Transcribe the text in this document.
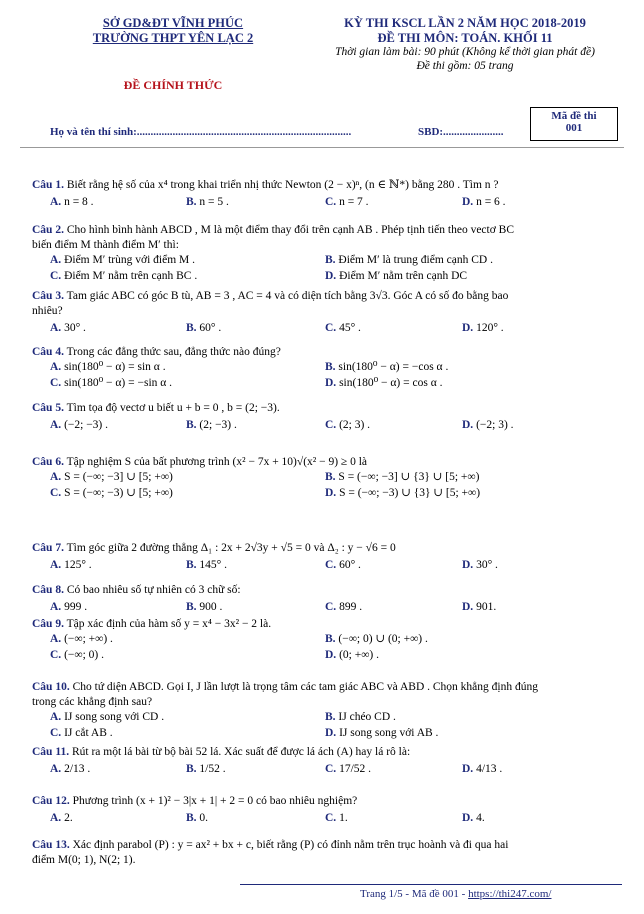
SỞ GD&ĐT VĨNH PHÚC
TRƯỜNG THPT YÊN LẠC 2
ĐỀ CHÍNH THỨC
KỲ THI KSCL LẦN 2 NĂM HỌC 2018-2019
ĐỀ THI MÔN: TOÁN. KHỐI 11
Thời gian làm bài: 90 phút (Không kể thời gian phát đề)
Đề thi gồm: 05 trang
Họ và tên thí sinh:..............................................................................	SBD:......................
Mã đề thi
001
Câu 1. Biết rằng hệ số của x⁴ trong khai triển nhị thức Newton (2 − x)ⁿ, (n ∈ ℕ*) bằng 280 . Tìm n ?
A. n = 8 .	B. n = 5 .	C. n = 7 .	D. n = 6 .
Câu 2. Cho hình bình hành ABCD , M là một điểm thay đổi trên cạnh AB . Phép tịnh tiến theo vectơ BC
biến điểm M thành điểm M′ thì:
A. Điểm M′ trùng với điểm M .	B. Điểm M′ là trung điểm cạnh CD .
C. Điểm M′ nằm trên cạnh BC .	D. Điểm M′ nằm trên cạnh DC
Câu 3. Tam giác ABC có góc B tù, AB = 3 , AC = 4 và có diện tích bằng 3√3. Góc A có số đo bằng bao
nhiêu?
A. 30° .	B. 60° .	C. 45° .	D. 120° .
Câu 4. Trong các đẳng thức sau, đẳng thức nào đúng?
A. sin(180⁰ − α) = sin α .	B. sin(180⁰ − α) = −cos α .
C. sin(180⁰ − α) = −sin α .	D. sin(180⁰ − α) = cos α .
Câu 5. Tìm tọa độ vectơ u biết u + b = 0 , b = (2; −3).
A. (−2; −3) .	B. (2; −3) .	C. (2; 3) .	D. (−2; 3) .
Câu 6. Tập nghiệm S của bất phương trình (x² − 7x + 10)√(x² − 9) ≥ 0 là
A. S = (−∞; −3] ∪ [5; +∞)	B. S = (−∞; −3] ∪ {3} ∪ [5; +∞)
C. S = (−∞; −3) ∪ [5; +∞)	D. S = (−∞; −3) ∪ {3} ∪ [5; +∞)
Câu 7. Tìm góc giữa 2 đường thẳng Δ₁ : 2x + 2√3y + √5 = 0 và Δ₂ : y − √6 = 0
A. 125° .	B. 145° .	C. 60° .	D. 30° .
Câu 8. Có bao nhiêu số tự nhiên có 3 chữ số:
A. 999 .	B. 900 .	C. 899 .	D. 901.
Câu 9. Tập xác định của hàm số y = x⁴ − 3x² − 2 là.
A. (−∞; +∞) .	B. (−∞; 0) ∪ (0; +∞) .
C. (−∞; 0) .	D. (0; +∞) .
Câu 10. Cho tứ diện ABCD. Gọi I, J lần lượt là trọng tâm các tam giác ABC và ABD . Chọn khẳng định đúng
trong các khẳng định sau?
A. IJ song song với CD .	B. IJ chéo CD .
C. IJ cắt AB .	D. IJ song song với AB .
Câu 11. Rút ra một lá bài từ bộ bài 52 lá. Xác suất để được lá ách (A) hay lá rô là:
A. 2/13 .	B. 1/52 .	C. 17/52 .	D. 4/13 .
Câu 12. Phương trình (x + 1)² − 3|x + 1| + 2 = 0 có bao nhiêu nghiệm?
A. 2.	B. 0.	C. 1.	D. 4.
Câu 13. Xác định parabol (P) : y = ax² + bx + c, biết rằng (P) có đỉnh nằm trên trục hoành và đi qua hai
điểm M(0; 1), N(2; 1).
Trang 1/5 - Mã đề 001 - https://thi247.com/
